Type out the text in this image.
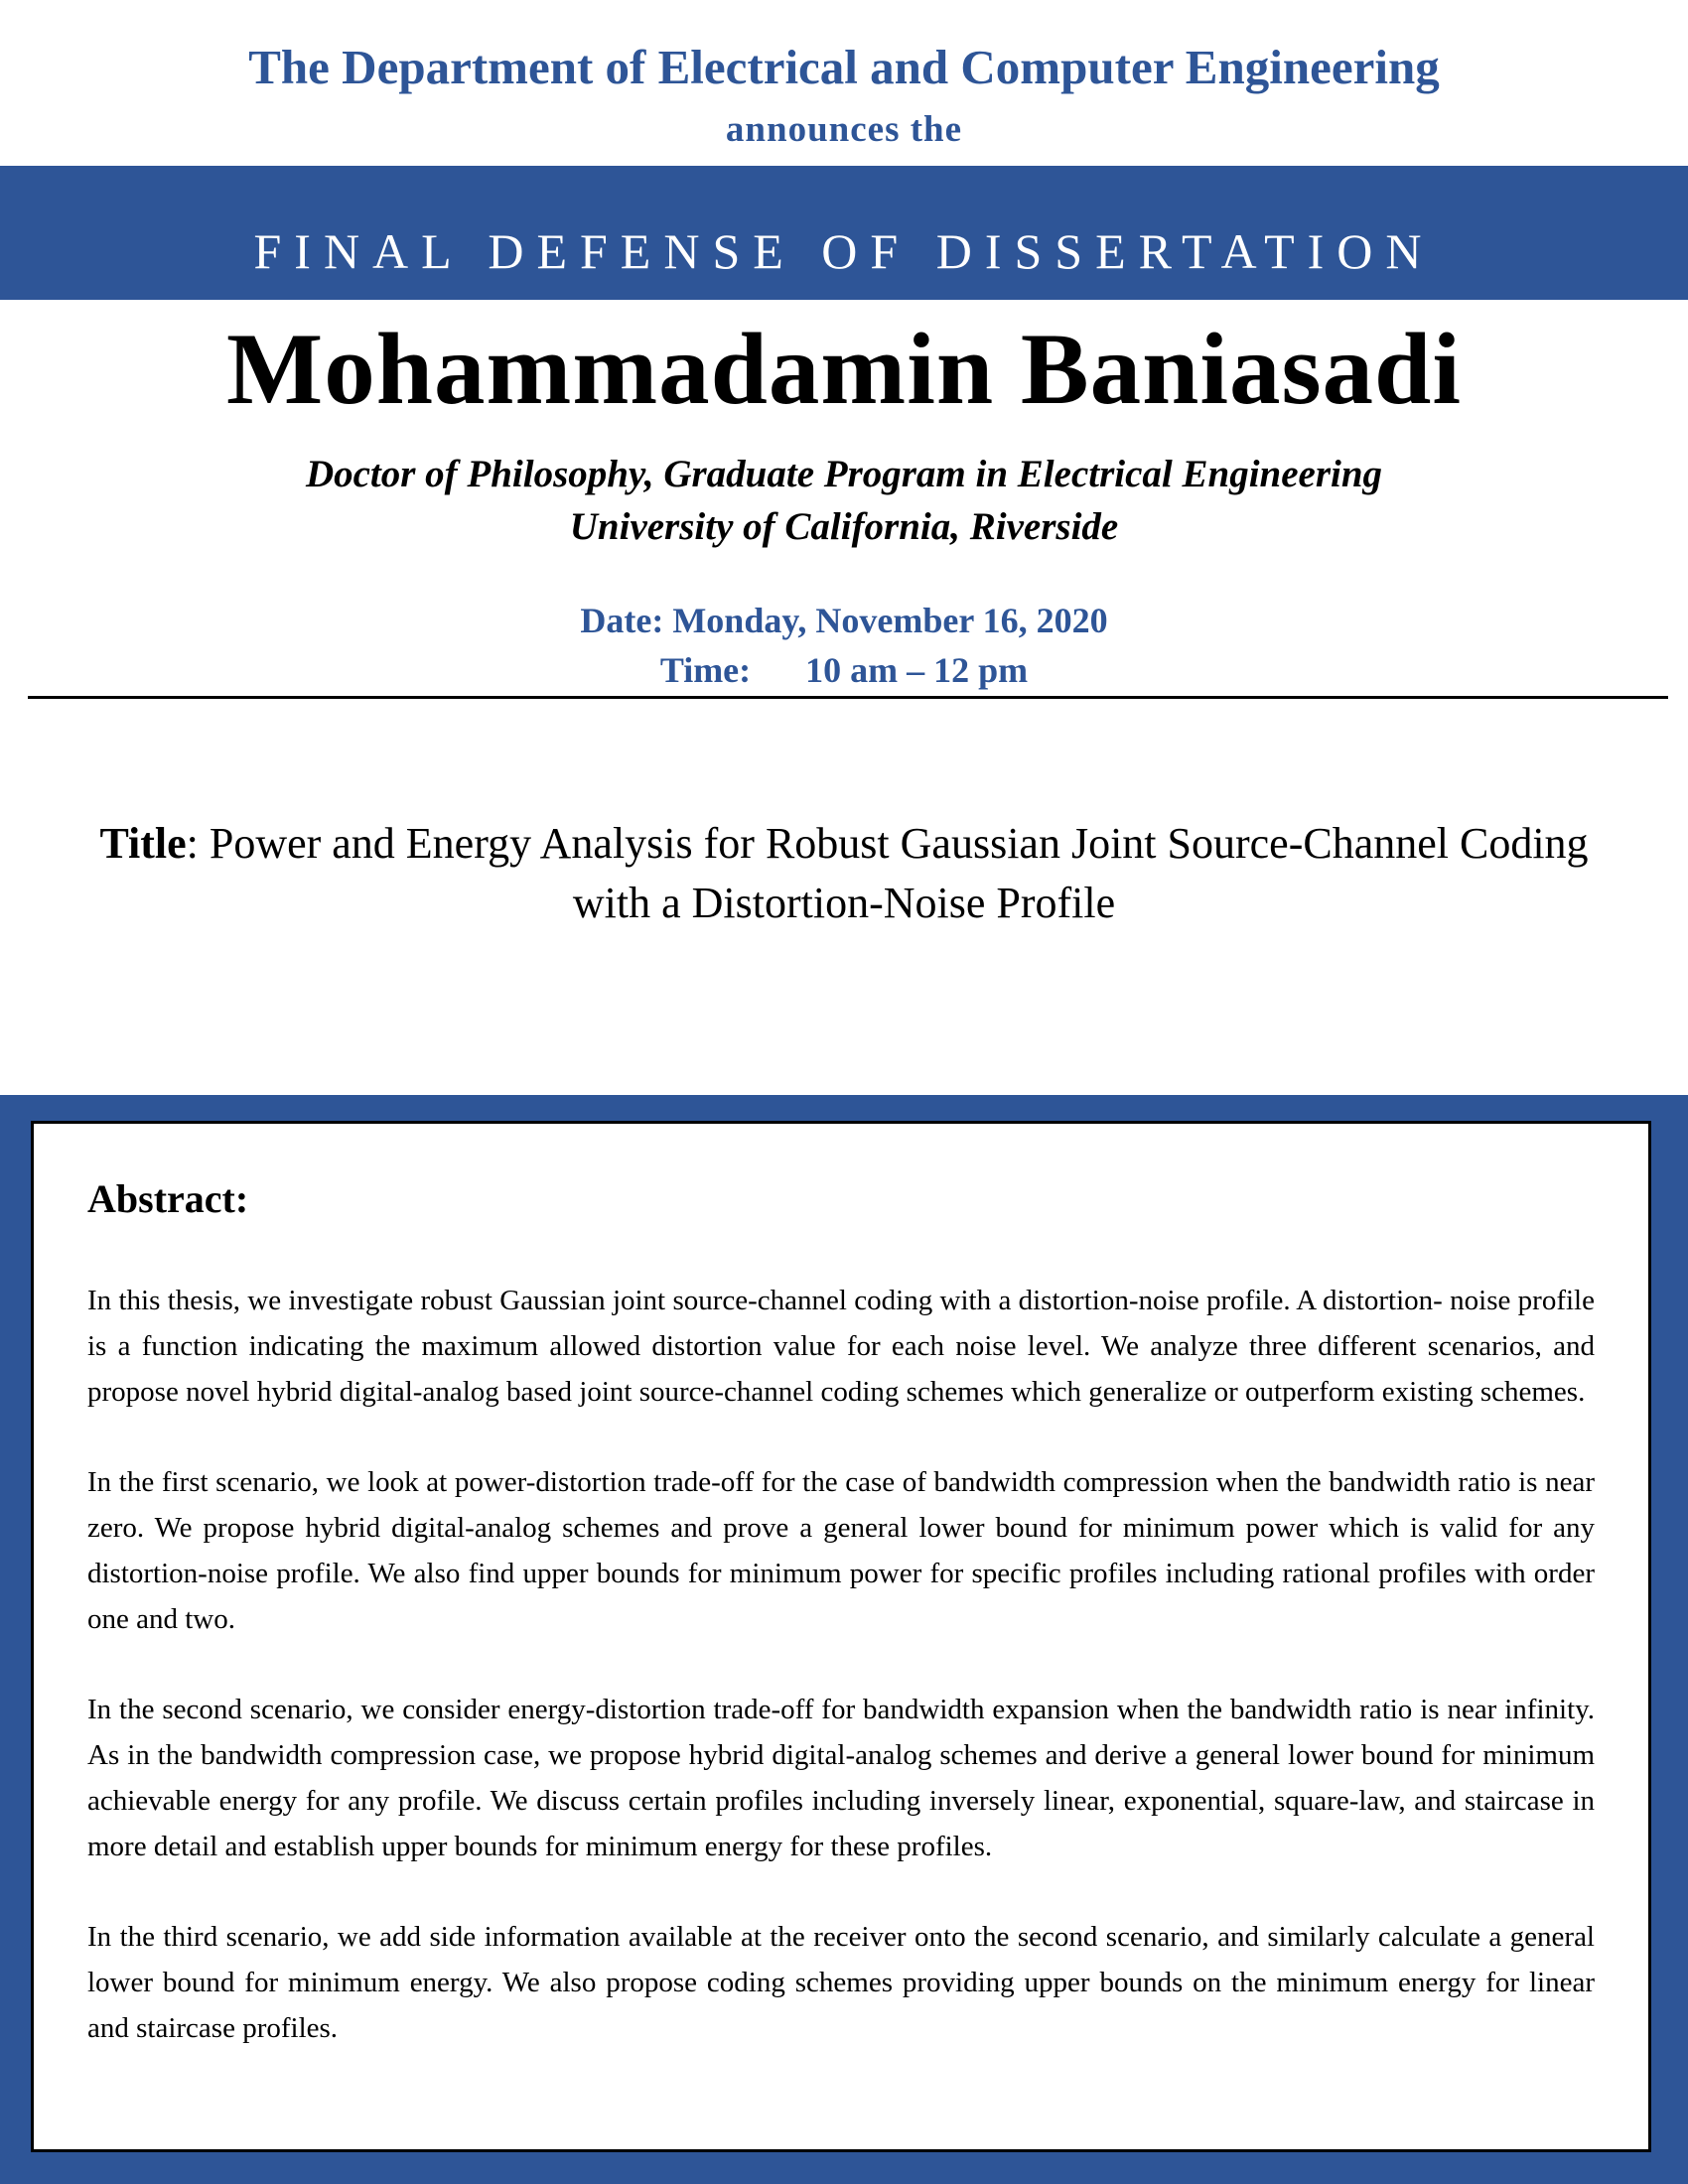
The Department of Electrical and Computer Engineering
announces the
FINAL DEFENSE OF DISSERTATION
Mohammadamin Baniasadi
Doctor of Philosophy, Graduate Program in Electrical Engineering
University of California, Riverside
Date: Monday, November 16, 2020
Time: 10 am – 12 pm
Title: Power and Energy Analysis for Robust Gaussian Joint Source-Channel Coding with a Distortion-Noise Profile
Abstract:

In this thesis, we investigate robust Gaussian joint source-channel coding with a distortion-noise profile. A distortion- noise profile is a function indicating the maximum allowed distortion value for each noise level. We analyze three different scenarios, and propose novel hybrid digital-analog based joint source-channel coding schemes which generalize or outperform existing schemes.

In the first scenario, we look at power-distortion trade-off for the case of bandwidth compression when the bandwidth ratio is near zero. We propose hybrid digital-analog schemes and prove a general lower bound for minimum power which is valid for any distortion-noise profile. We also find upper bounds for minimum power for specific profiles including rational profiles with order one and two.

In the second scenario, we consider energy-distortion trade-off for bandwidth expansion when the bandwidth ratio is near infinity. As in the bandwidth compression case, we propose hybrid digital-analog schemes and derive a general lower bound for minimum achievable energy for any profile. We discuss certain profiles including inversely linear, exponential, square-law, and staircase in more detail and establish upper bounds for minimum energy for these profiles.

In the third scenario, we add side information available at the receiver onto the second scenario, and similarly calculate a general lower bound for minimum energy. We also propose coding schemes providing upper bounds on the minimum energy for linear and staircase profiles.
